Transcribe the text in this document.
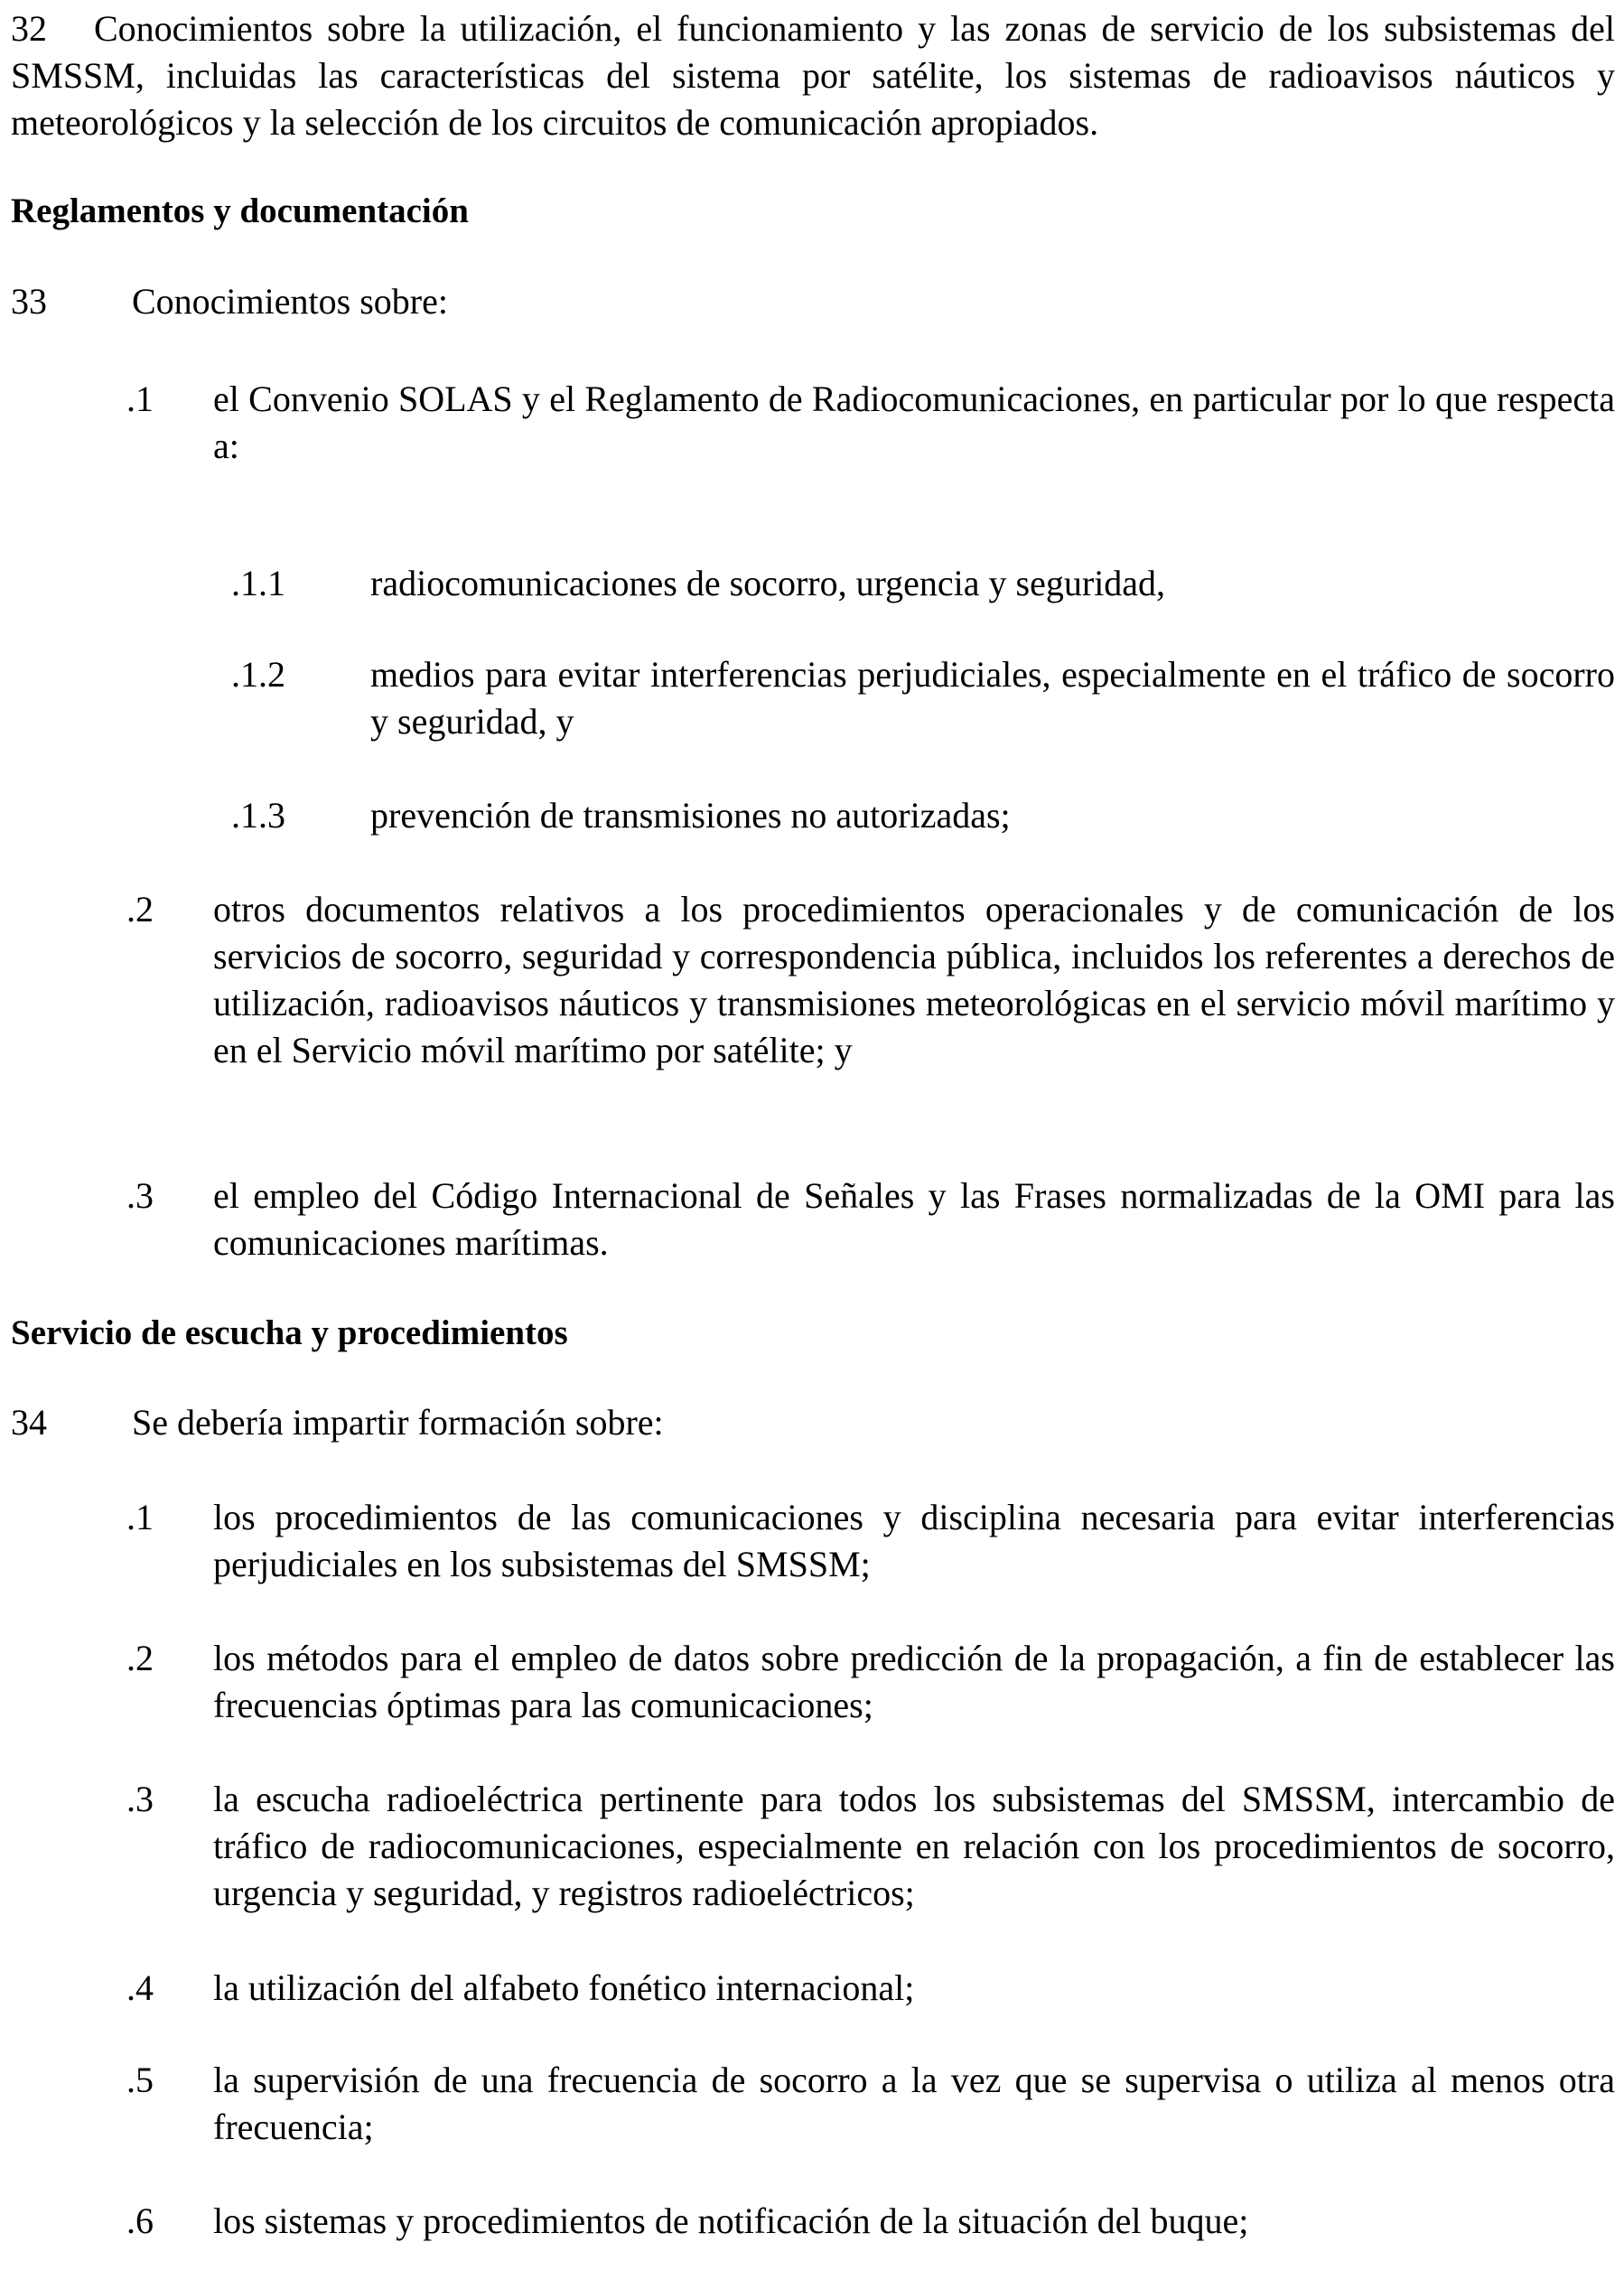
32 Conocimientos sobre la utilización, el funcionamiento y las zonas de servicio de los subsistemas del SMSSM, incluidas las características del sistema por satélite, los sistemas de radioavisos náuticos y meteorológicos y la selección de los circuitos de comunicación apropiados.

Reglamentos y documentación

33 Conocimientos sobre:

.1 el Convenio SOLAS y el Reglamento de Radiocomunicaciones, en particular por lo que respecta a:

.1.1 radiocomunicaciones de socorro, urgencia y seguridad,

.1.2 medios para evitar interferencias perjudiciales, especialmente en el tráfico de socorro y seguridad, y

.1.3 prevención de transmisiones no autorizadas;

.2 otros documentos relativos a los procedimientos operacionales y de comunicación de los servicios de socorro, seguridad y correspondencia pública, incluidos los referentes a derechos de utilización, radioavisos náuticos y transmisiones meteorológicas en el servicio móvil marítimo y en el Servicio móvil marítimo por satélite; y

.3 el empleo del Código Internacional de Señales y las Frases normalizadas de la OMI para las comunicaciones marítimas.

Servicio de escucha y procedimientos

34 Se debería impartir formación sobre:

.1 los procedimientos de las comunicaciones y disciplina necesaria para evitar interferencias perjudiciales en los subsistemas del SMSSM;

.2 los métodos para el empleo de datos sobre predicción de la propagación, a fin de establecer las frecuencias óptimas para las comunicaciones;

.3 la escucha radioeléctrica pertinente para todos los subsistemas del SMSSM, intercambio de tráfico de radiocomunicaciones, especialmente en relación con los procedimientos de socorro, urgencia y seguridad, y registros radioeléctricos;

.4 la utilización del alfabeto fonético internacional;

.5 la supervisión de una frecuencia de socorro a la vez que se supervisa o utiliza al menos otra frecuencia;

.6 los sistemas y procedimientos de notificación de la situación del buque;
